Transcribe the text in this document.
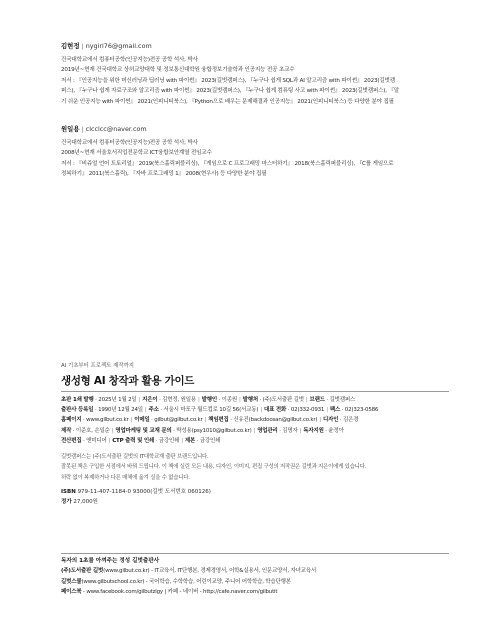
김현정 | nygirl76@gmail.com
건국대학교에서 컴퓨터공학(인공지능)전공 공학 석사, 박사
2019년~현재 건국대학교 상허교양대학 및 정보통신대학원 융합정보기술학과 인공지능 전공 초교수
저서 : 『인공지능을 위한 머신러닝과 딥러닝 with 파이썬』 2023(길벗캠퍼스), 『누구나 쉽게 SQL과 AI 알고리즘 with 파이썬』 2023(길벗캠
퍼스), 『누구나 쉽게 자료구조와 알고리즘 with 파이썬』 2023(길벗캠퍼스), 『누구나 쉽게 컴퓨팅 사고 with 파이썬』 2023(길벗캠퍼스), 『알
기 쉬운 인공지능 with 파이썬』 2021(인피니티북스), 『Python으로 배우는 문제해결과 인공지능』 2021(인피니티북스) 등 다양한 분야 집필
원일용 | clcclcc@naver.com
건국대학교에서 컴퓨터공학(인공지능)전공 공학 석사, 박사
2008년~현재 서울호서직업전문학교 ICT융합보안계열 전임교수
저서 : 『비쥬얼 언어 트토리얼』 2019(북스홀릭퍼블리싱), 『게임으로 C 프로그래밍 마스터하기』 2018(북스홀릭퍼블리싱), 『C를 게임으로
정복하기』 2011(북스홀릭), 『자바 프로그래밍 1』 2008(현우사) 등 다양한 분야 집필
AI 기초부터 프로젝트 제작까지
생성형 AI 창작과 활용 가이드
초판 1쇄 발행 · 2025년 1월 2일 | 지은이 · 김현정, 원일용 | 발행인 · 이종원 | 발행처 · (주)도서출판 길벗 | 브랜드 · 길벗캠퍼스
출판사 등록일 · 1990년 12월 24일 | 주소 · 서울시 마포구 월드컵로 10길 56(서교동) | 대표 전화 · 02)332-0931 | 팩스 · 02)323-0586
홈페이지 · www.gilbut.co.kr | 이메일 · gilbut@gilbut.co.kr | 책임편집 · 신유진(backdoosan@gilbut.co.kr) | 디자인 · 김은경
제작 · 이준호, 손일순 | 영업마케팅 및 교재 문의 · 박성용(psy1010@gilbut.co.kr) | 영업관리 · 김명자 | 독자지원 · 윤정아
전산편집 · 앤미디어 | CTP 출력 및 인쇄 · 금강인쇄 | 제본 · 금강인쇄
길벗캠퍼스는 (주)도서출판 길벗의 IT대학교재 출판 브랜드입니다.
잘못된 책은 구입한 서점에서 바꿔 드립니다. 이 책에 실린 모든 내용, 디자인, 이미지, 편집 구성의 저작권은 길벗과 지은이에게 있습니다.
허락 없이 복제하거나 다른 매체에 옮겨 실을 수 없습니다.
ISBN 979-11-407-1184-0 93000(길벗 도서번호 060126)
정가 27,000원
독자의 1초를 아껴주는 정성 길벗출판사
(주)도서출판 길벗(www.gilbut.co.kr) - IT교육서, IT단행본, 경제경영서, 어학&실용서, 인문교양서, 자녀교육서
길벗스쿨(www.gilbutschool.co.kr) - 국어학습, 수학학습, 어린이교양, 주니어 어학학습, 학습단행본
페이스북 - www.facebook.com/gilbutzigy | 카페 - 네이버 - http://cafe.naver.com/gilbutit
